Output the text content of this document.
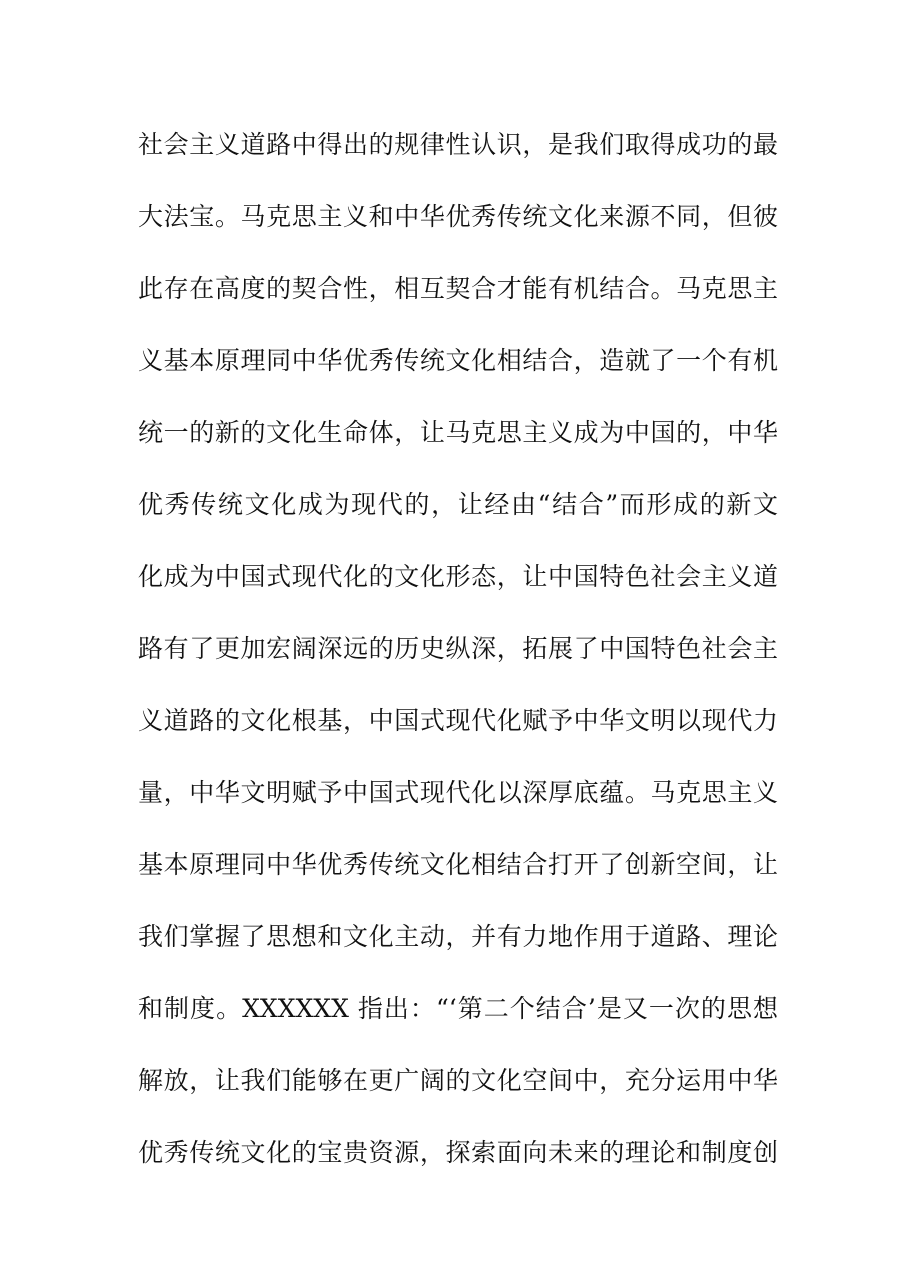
社会主义道路中得出的规律性认识，是我们取得成功的最
大法宝。马克思主义和中华优秀传统文化来源不同，但彼
此存在高度的契合性，相互契合才能有机结合。马克思主
义基本原理同中华优秀传统文化相结合，造就了一个有机
统一的新的文化生命体，让马克思主义成为中国的，中华
优秀传统文化成为现代的，让经由“结合”而形成的新文
化成为中国式现代化的文化形态，让中国特色社会主义道
路有了更加宏阔深远的历史纵深，拓展了中国特色社会主
义道路的文化根基，中国式现代化赋予中华文明以现代力
量，中华文明赋予中国式现代化以深厚底蕴。马克思主义
基本原理同中华优秀传统文化相结合打开了创新空间，让
我们掌握了思想和文化主动，并有力地作用于道路、理论
和制度。XXXXXX 指出：“‘第二个结合’是又一次的思想
解放，让我们能够在更广阔的文化空间中，充分运用中华
优秀传统文化的宝贵资源，探索面向未来的理论和制度创
